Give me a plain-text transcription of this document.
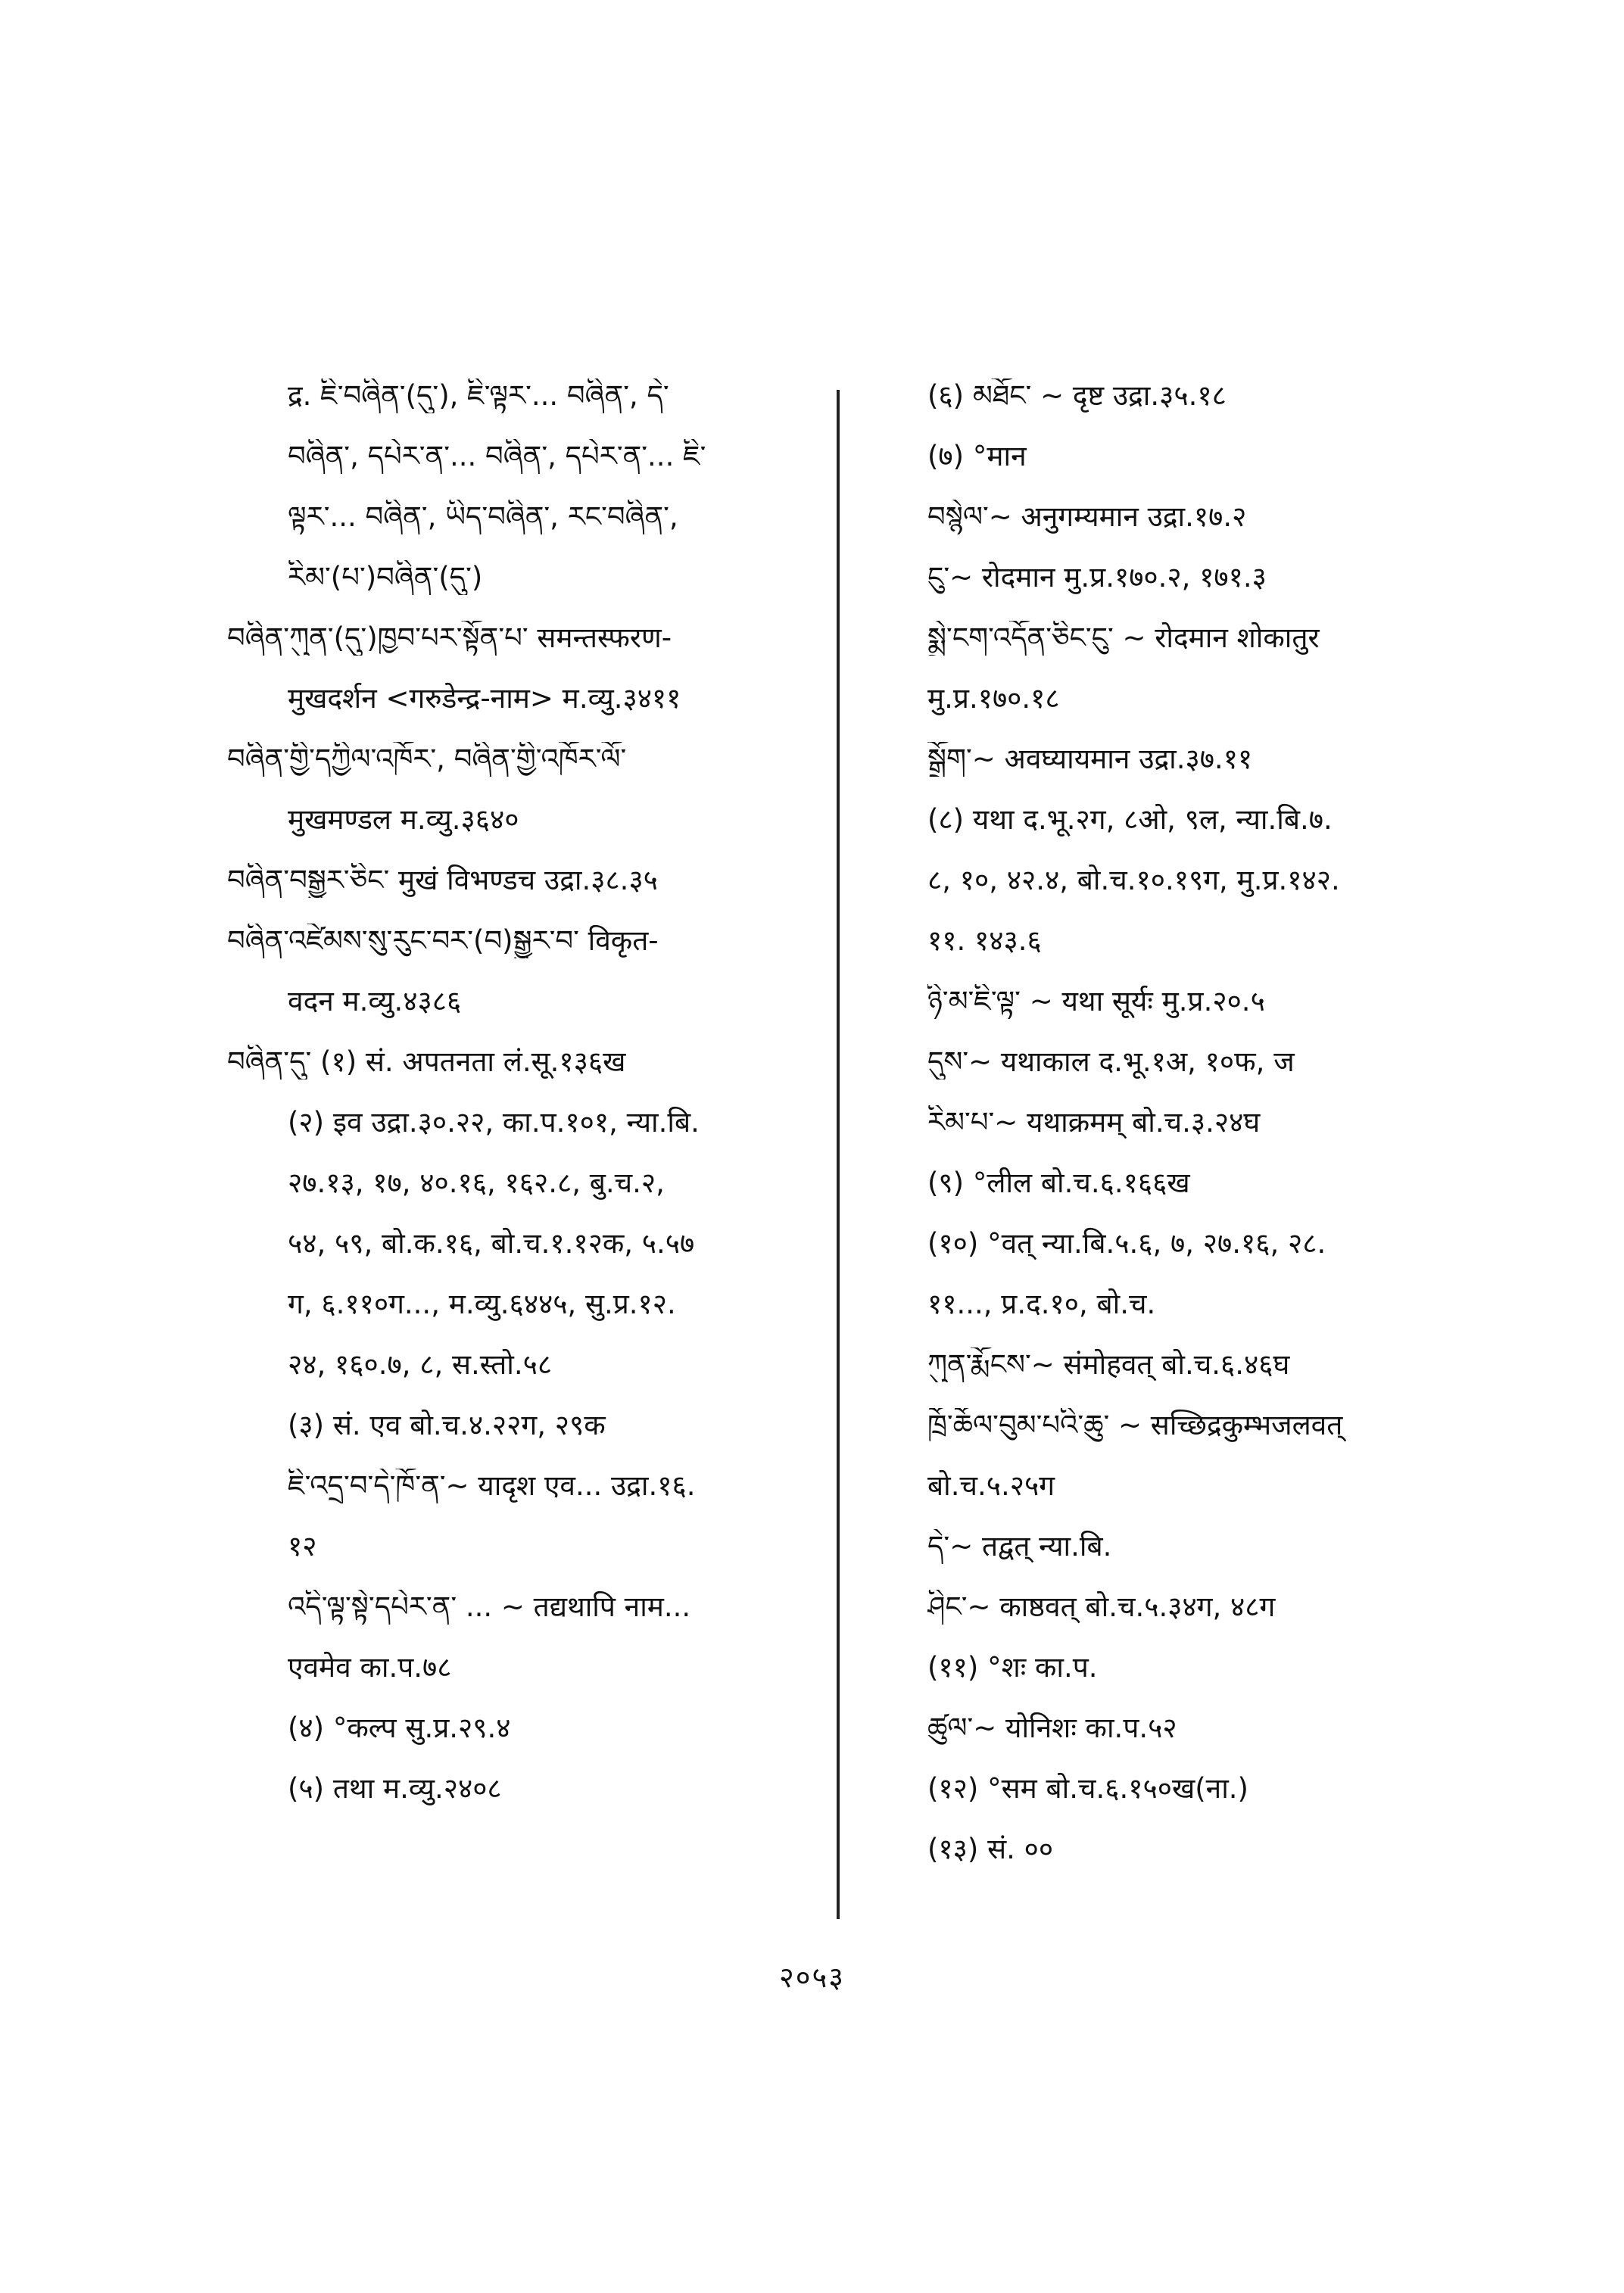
द्र. ཇི་བཞིན་(དུ་), ཇི་ལྟར་... བཞིན་, དེ་
བཞིན་, དཔེར་ན་... བཞིན་, དཔེར་ན་... ཇི་
ལྟར་... བཞིན་, ཡིད་བཞིན་, རང་བཞིན་,
རིམ་(པ་)བཞིན་(དུ་)
བཞིན་ཀུན་(དུ་)ཁྱབ་པར་སྟོན་པ་ समन्तस्फरण-
मुखदर्शन <गरुडेन्द्र-नाम> म.व्यु.३४११
བཞིན་གྱི་དཀྱིལ་འཁོར་, བཞིན་གྱི་འཁོར་ལོ་
मुखमण्डल म.व्यु.३६४०
བཞིན་བསྒྱུར་ཅིང་ मुखं विभण्डच उद्रा.३८.३५
བཞིན་འཛེམས་སུ་རུང་བར་(བ)སྒྱུར་བ་ विकृत-
वदन म.व्यु.४३८६
བཞིན་དུ་ (१) सं. अपतनता लं.सू.१३६ख
(२) इव उद्रा.३०.२२, का.प.१०१, न्या.बि.
२७.१३, १७, ४०.१६, १६२.८, बु.च.२,
५४, ५९, बो.क.१६, बो.च.१.१२क, ५.५७
ग, ६.११०ग..., म.व्यु.६४४५, सु.प्र.१२.
२४, १६०.७, ८, स.स्तो.५८
(३) सं. एव बो.च.४.२२ग, २९क
ཇི་འདྲ་བ་དེ་ཁོ་ན་~ यादृश एव... उद्रा.१६.
१२
འདི་ལྟ་སྟེ་དཔེར་ན་ ... ~ तद्यथापि नाम...
एवमेव का.प.७८
(४) °कल्प सु.प्र.२९.४
(५) तथा म.व्यु.२४०८
(६) མཐོང་ ~ दृष्ट उद्रा.३५.१८
(७) °मान
བསྙེལ་~ अनुगम्यमान उद्रा.१७.२
ངུ་~ रोदमान मु.प्र.१७०.२, १७१.३
སྨྲེ་ངག་འདོན་ཅིང་ངུ་ ~ रोदमान शोकातुर
मु.प्र.१७०.१८
སྒྲོག་~ अवघ्यायमान उद्रा.३७.११
(८) यथा द.भू.२ग, ८ओ, ९ल, न्या.बि.७.
८, १०, ४२.४, बो.च.१०.१९ग, मु.प्र.१४२.
११. १४३.६
ཉི་མ་ཇི་ལྟ་ ~ यथा सूर्यः मु.प्र.२०.५
དུས་~ यथाकाल द.भू.१अ, १०फ, ज
རིམ་པ་~ यथाक्रमम् बो.च.३.२४घ
(९) °लील बो.च.६.१६६ख
(१०) °वत् न्या.बि.५.६, ७, २७.१६, २८.
११..., प्र.द.१०, बो.च.
ཀུན་རྨོངས་~ संमोहवत् बो.च.६.४६घ
ཁྲོ་ཆོལ་བུམ་པའི་ཆུ་ ~ सच्छिद्रकुम्भजलवत्
बो.च.५.२५ग
དེ་~ तद्वत् न्या.बि.
ཤིང་~ काष्ठवत् बो.च.५.३४ग, ४८ग
(११) °शः का.प.
ཚུལ་~ योनिशः का.प.५२
(१२) °सम बो.च.६.१५०ख(ना.)
(१३) सं. ००
२०५३
